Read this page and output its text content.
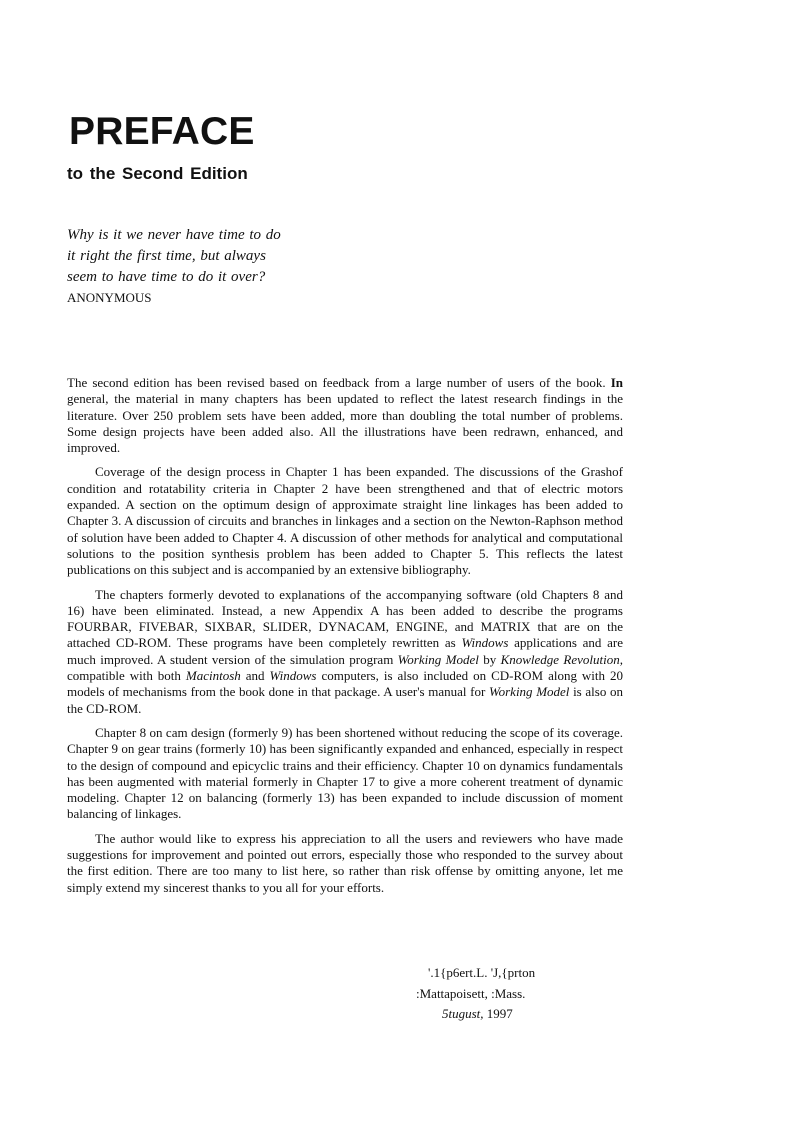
PREFACE
to the Second Edition
Why is it we never have time to do
it right the first time, but always
seem to have time to do it over?
ANONYMOUS

The second edition has been revised based on feedback from a large number of users of the book. In general, the material in many chapters has been updated to reflect the latest research findings in the literature. Over 250 problem sets have been added, more than doubling the total number of problems. Some design projects have been added also. All the illustrations have been redrawn, enhanced, and improved.

Coverage of the design process in Chapter 1 has been expanded. The discussions of the Grashof condition and rotatability criteria in Chapter 2 have been strengthened and that of electric motors expanded. A section on the optimum design of approximate straight line linkages has been added to Chapter 3. A discussion of circuits and branches in linkages and a section on the Newton-Raphson method of solution have been added to Chapter 4. A discussion of other methods for analytical and computational solutions to the position synthesis problem has been added to Chapter 5. This reflects the latest publications on this subject and is accompanied by an extensive bibliography.

The chapters formerly devoted to explanations of the accompanying software (old Chapters 8 and 16) have been eliminated. Instead, a new Appendix A has been added to describe the programs FOURBAR, FIVEBAR, SIXBAR, SLIDER, DYNACAM, ENGINE, and MATRIX that are on the attached CD-ROM. These programs have been completely rewritten as Windows applications and are much improved. A student version of the simulation program Working Model by Knowledge Revolution, compatible with both Macintosh and Windows computers, is also included on CD-ROM along with 20 models of mechanisms from the book done in that package. A user's manual for Working Model is also on the CD-ROM.

Chapter 8 on cam design (formerly 9) has been shortened without reducing the scope of its coverage. Chapter 9 on gear trains (formerly 10) has been significantly expanded and enhanced, especially in respect to the design of compound and epicyclic trains and their efficiency. Chapter 10 on dynamics fundamentals has been augmented with material formerly in Chapter 17 to give a more coherent treatment of dynamic modeling. Chapter 12 on balancing (formerly 13) has been expanded to include discussion of moment balancing of linkages.

The author would like to express his appreciation to all the users and reviewers who have made suggestions for improvement and pointed out errors, especially those who responded to the survey about the first edition. There are too many to list here, so rather than risk offense by omitting anyone, let me simply extend my sincerest thanks to you all for your efforts.

'.1{p6ert.L. 'J,{prton
:Mattapoisett, :Mass.
5tugust, 1997
